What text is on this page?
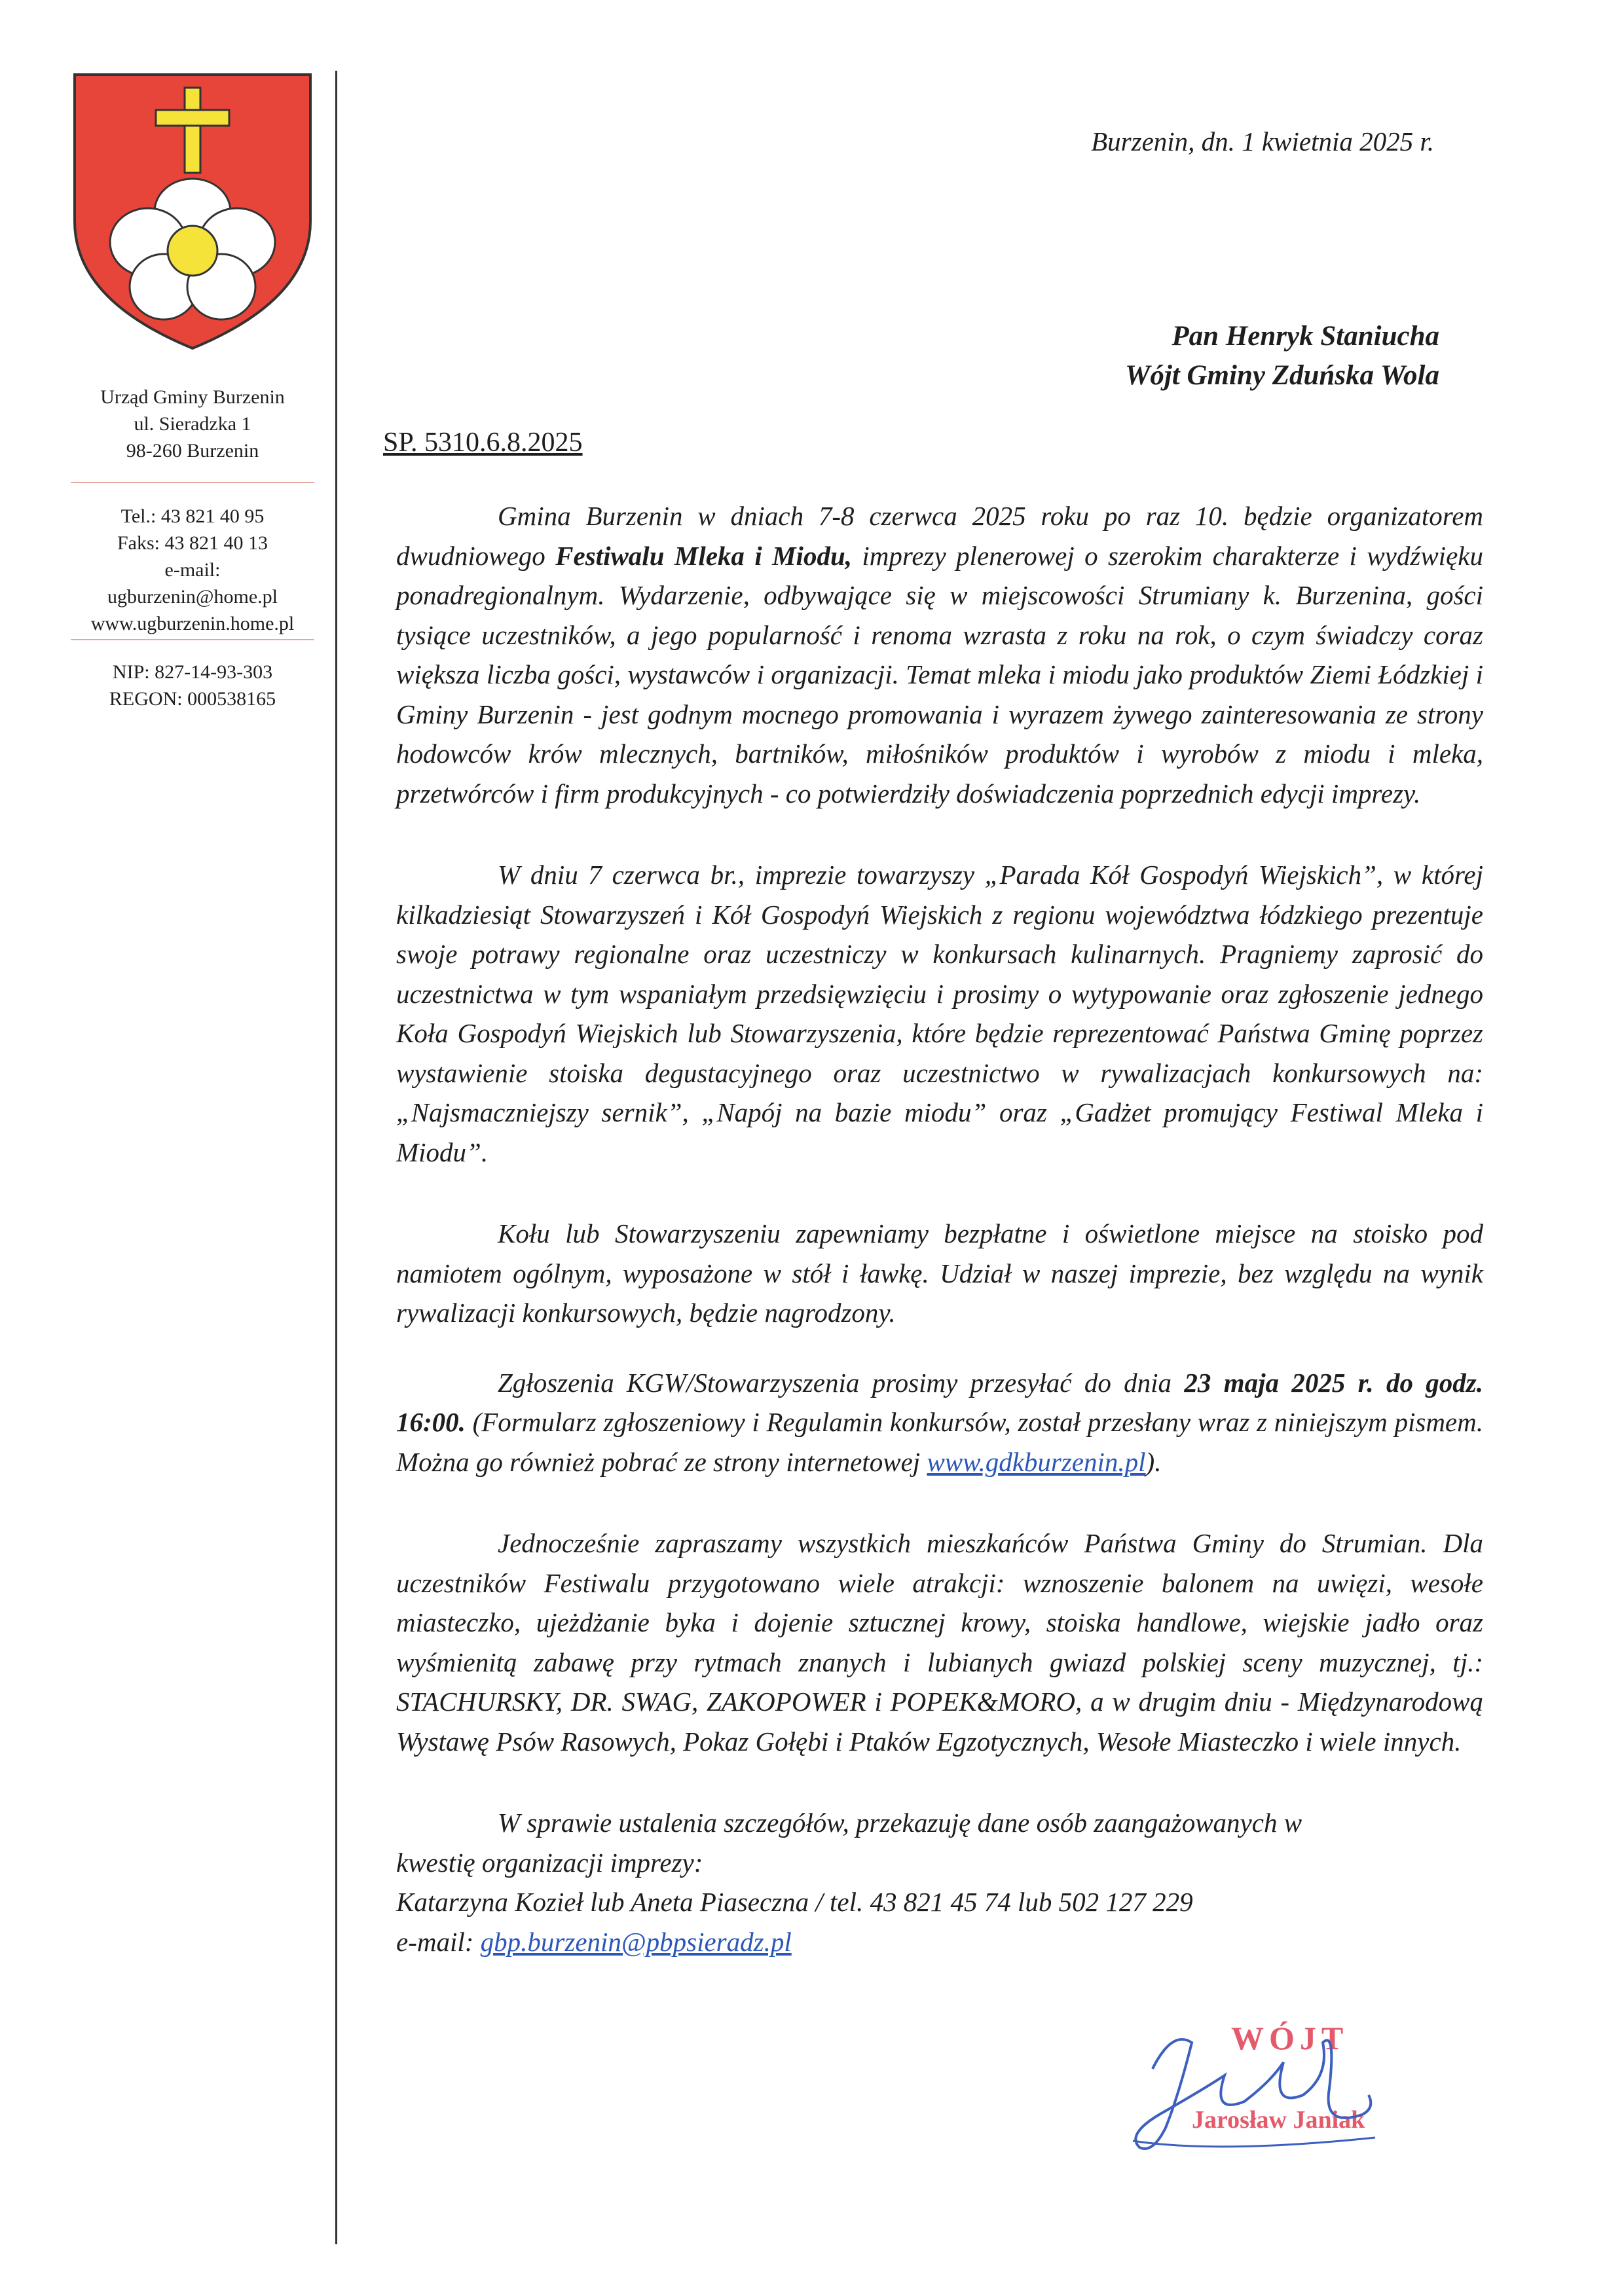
Urząd Gminy Burzenin

ul. Sieradzka 1

98-260 Burzenin

Tel.: 43 821 40 95

Faks: 43 821 40 13

e-mail:

ugburzenin@home.pl

www.ugburzenin.home.pl

NIP: 827-14-93-303

REGON: 000538165

Burzenin, dn. 1 kwietnia 2025 r.

Pan Henryk Staniucha

Wójt Gminy Zduńska Wola

SP. 5310.6.8.2025

Gmina Burzenin w dniach 7-8 czerwca 2025 roku po raz 10. będzie organizatorem dwudniowego Festiwalu Mleka i Miodu, imprezy plenerowej o szerokim charakterze i wydźwięku ponadregionalnym. Wydarzenie, odbywające się w miejscowości Strumiany k. Burzenina, gości tysiące uczestników, a jego popularność i renoma wzrasta z roku na rok, o czym świadczy coraz większa liczba gości, wystawców i organizacji. Temat mleka i miodu jako produktów Ziemi Łódzkiej i Gminy Burzenin - jest godnym mocnego promowania i wyrazem żywego zainteresowania ze strony hodowców krów mlecznych, bartników, miłośników produktów i wyrobów z miodu i mleka, przetwórców i firm produkcyjnych - co potwierdziły doświadczenia poprzednich edycji imprezy.

W dniu 7 czerwca br., imprezie towarzyszy „Parada Kół Gospodyń Wiejskich”, w której kilkadziesiąt Stowarzyszeń i Kół Gospodyń Wiejskich z regionu województwa łódzkiego prezentuje swoje potrawy regionalne oraz uczestniczy w konkursach kulinarnych. Pragniemy zaprosić do uczestnictwa w tym wspaniałym przedsięwzięciu i prosimy o wytypowanie oraz zgłoszenie jednego Koła Gospodyń Wiejskich lub Stowarzyszenia, które będzie reprezentować Państwa Gminę poprzez wystawienie stoiska degustacyjnego oraz uczestnictwo w rywalizacjach konkursowych na: „Najsmaczniejszy sernik”, „Napój na bazie miodu” oraz „Gadżet promujący Festiwal Mleka i Miodu”.

Kołu lub Stowarzyszeniu zapewniamy bezpłatne i oświetlone miejsce na stoisko pod namiotem ogólnym, wyposażone w stół i ławkę. Udział w naszej imprezie, bez względu na wynik rywalizacji konkursowych, będzie nagrodzony.

Zgłoszenia KGW/Stowarzyszenia prosimy przesyłać do dnia 23 maja 2025 r. do godz. 16:00. (Formularz zgłoszeniowy i Regulamin konkursów, został przesłany wraz z niniejszym pismem. Można go również pobrać ze strony internetowej www.gdkburzenin.pl).

Jednocześnie zapraszamy wszystkich mieszkańców Państwa Gminy do Strumian. Dla uczestników Festiwalu przygotowano wiele atrakcji: wznoszenie balonem na uwięzi, wesołe miasteczko, ujeżdżanie byka i dojenie sztucznej krowy, stoiska handlowe, wiejskie jadło oraz wyśmienitą zabawę przy rytmach znanych i lubianych gwiazd polskiej sceny muzycznej, tj.: STACHURSKY, DR. SWAG, ZAKOPOWER i POPEK&MORO, a w drugim dniu - Międzynarodową Wystawę Psów Rasowych, Pokaz Gołębi i Ptaków Egzotycznych, Wesołe Miasteczko i wiele innych.

W sprawie ustalenia szczegółów, przekazuję dane osób zaangażowanych w

kwestię organizacji imprezy:

Katarzyna Kozieł lub Aneta Piaseczna / tel. 43 821 45 74 lub 502 127 229

e-mail: gbp.burzenin@pbpsieradz.pl

WÓJT
Jarosław Janiak
